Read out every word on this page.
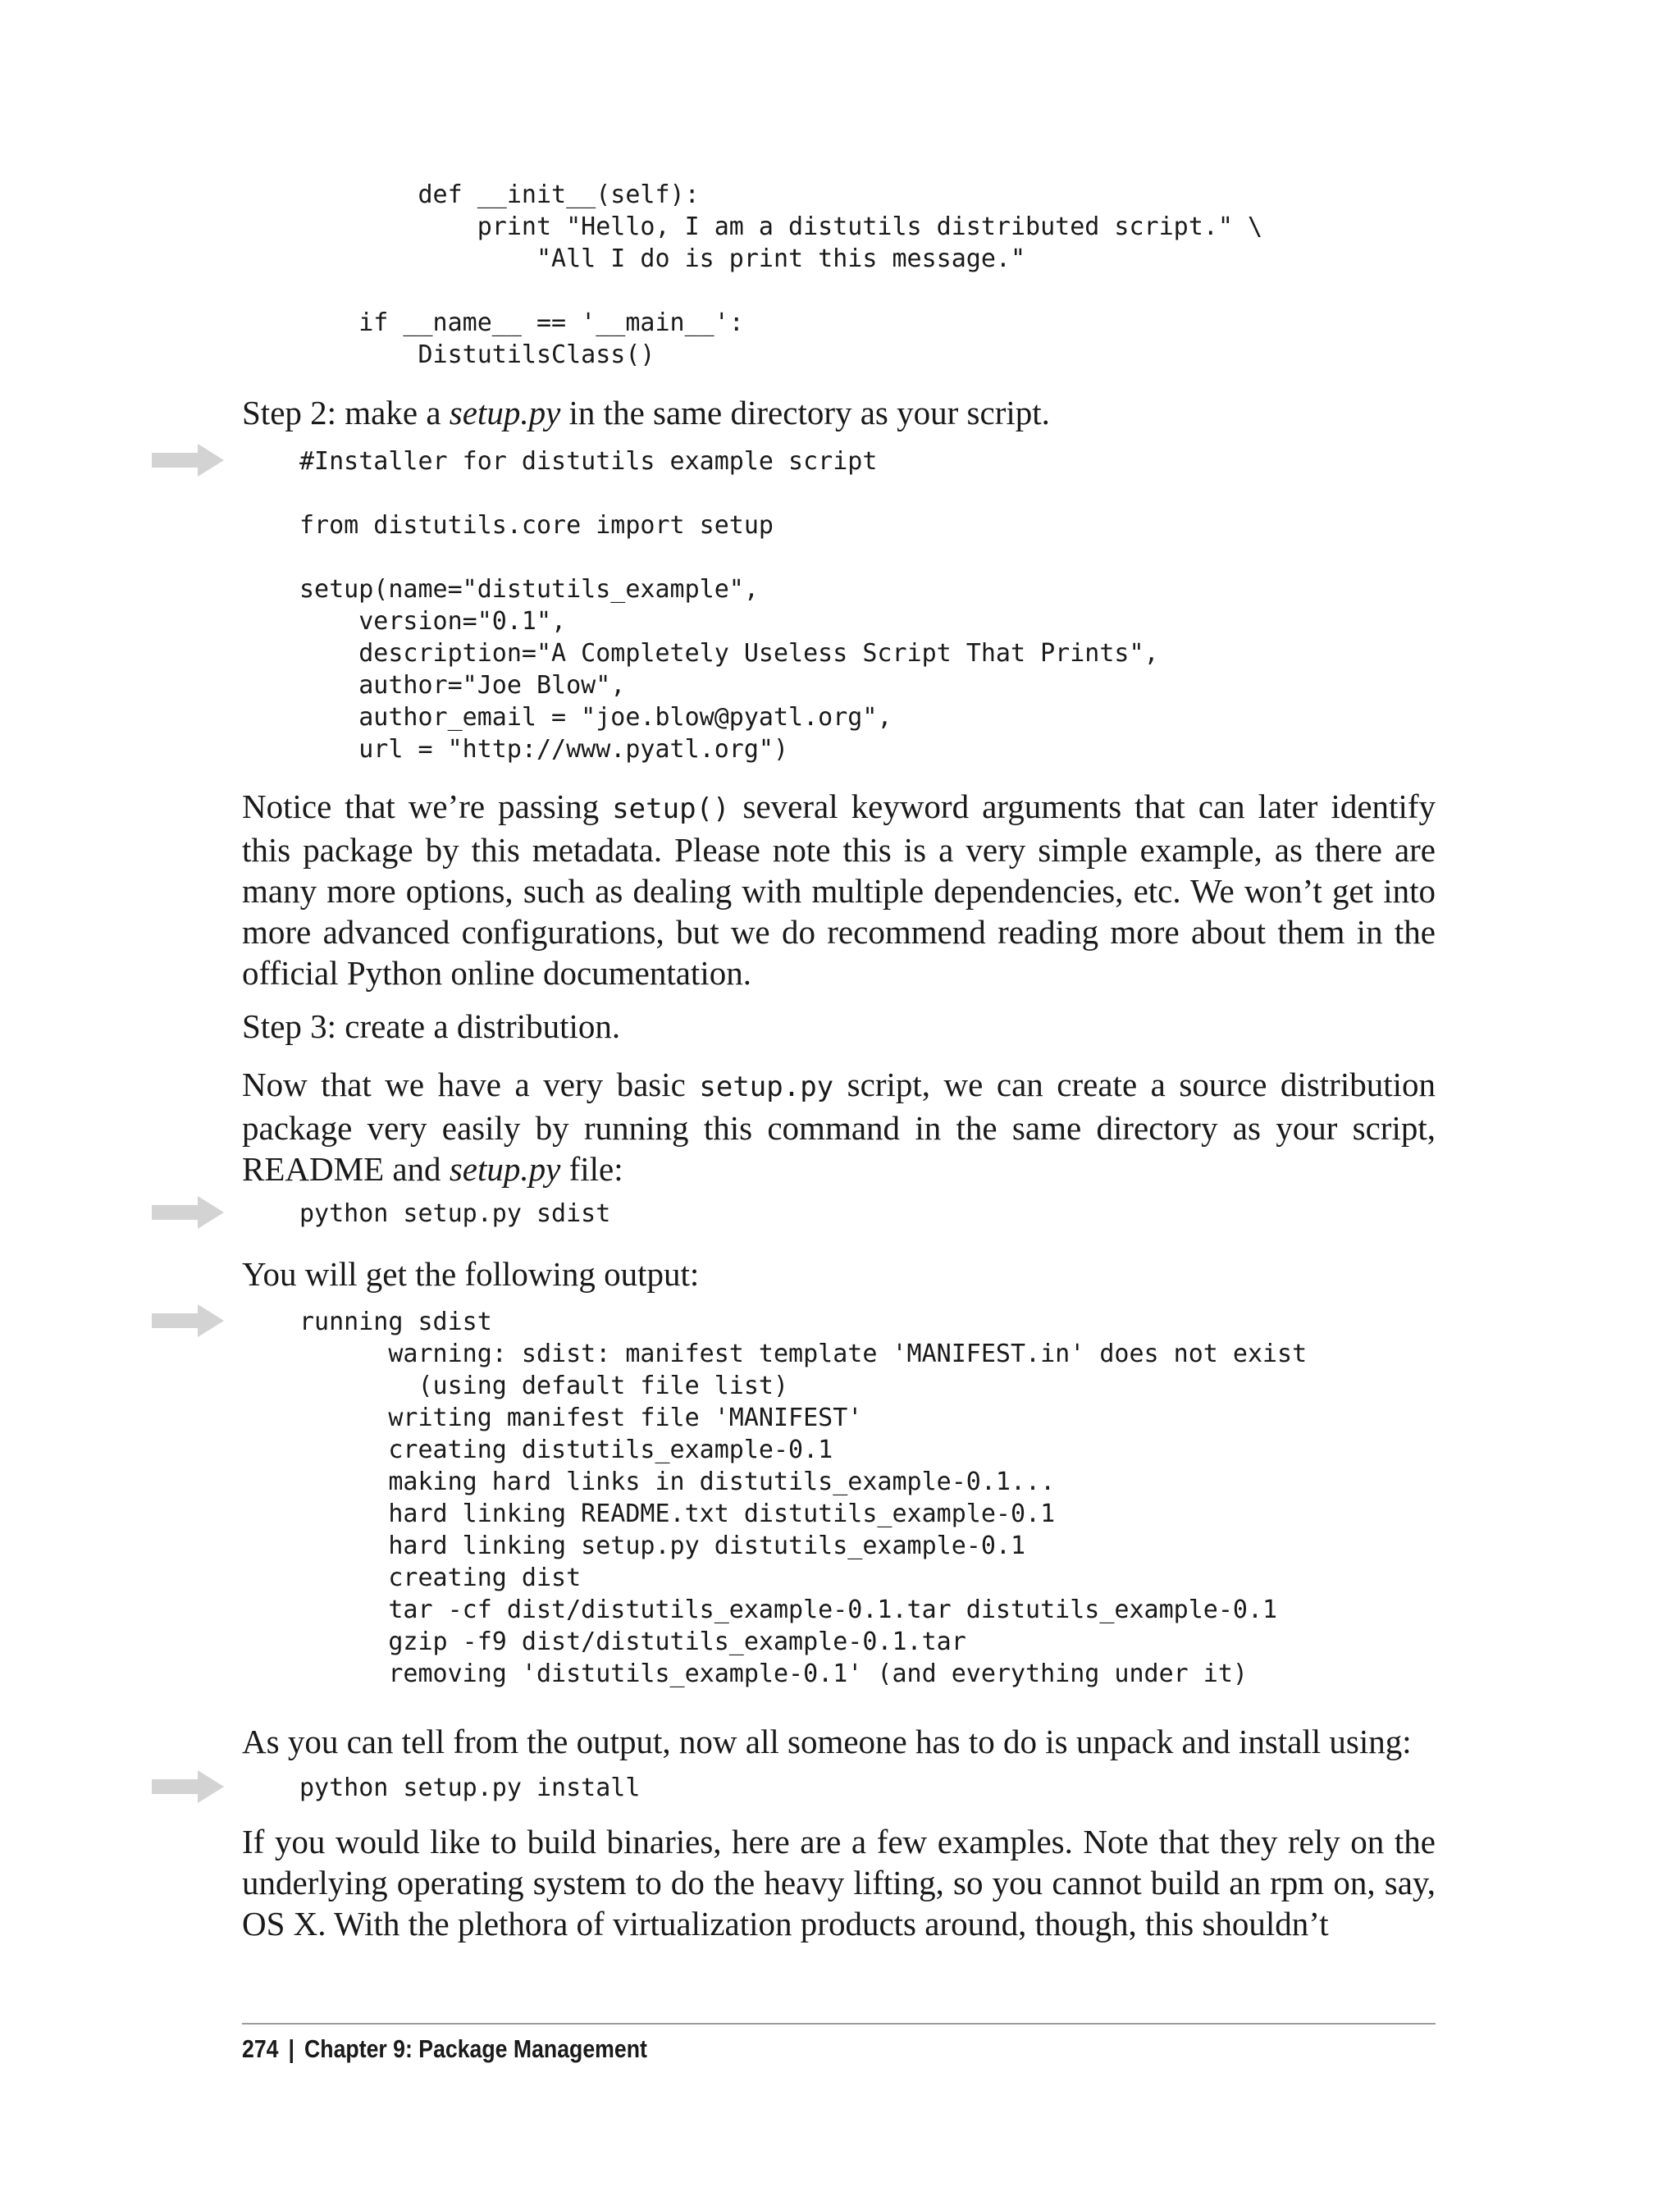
def __init__(self):
print "Hello, I am a distutils distributed script." \
"All I do is print this message."

if __name__ == '__main__':
DistutilsClass()

Step 2: make a setup.py in the same directory as your script.

#Installer for distutils example script

from distutils.core import setup

setup(name="distutils_example",
version="0.1",
description="A Completely Useless Script That Prints",
author="Joe Blow",
author_email = "joe.blow@pyatl.org",
url = "http://www.pyatl.org")

Notice that we’re passing setup() several keyword arguments that can later identify this package by this metadata. Please note this is a very simple example, as there are many more options, such as dealing with multiple dependencies, etc. We won’t get into more advanced configurations, but we do recommend reading more about them in the official Python online documentation.

Step 3: create a distribution.

Now that we have a very basic setup.py script, we can create a source distribution package very easily by running this command in the same directory as your script, README and setup.py file:

python setup.py sdist

You will get the following output:

running sdist
warning: sdist: manifest template 'MANIFEST.in' does not exist
(using default file list)
writing manifest file 'MANIFEST'
creating distutils_example-0.1
making hard links in distutils_example-0.1...
hard linking README.txt distutils_example-0.1
hard linking setup.py distutils_example-0.1
creating dist
tar -cf dist/distutils_example-0.1.tar distutils_example-0.1
gzip -f9 dist/distutils_example-0.1.tar
removing 'distutils_example-0.1' (and everything under it)

As you can tell from the output, now all someone has to do is unpack and install using:

python setup.py install

If you would like to build binaries, here are a few examples. Note that they rely on the underlying operating system to do the heavy lifting, so you cannot build an rpm on, say, OS X. With the plethora of virtualization products around, though, this shouldn’t

274 | Chapter 9: Package Management
